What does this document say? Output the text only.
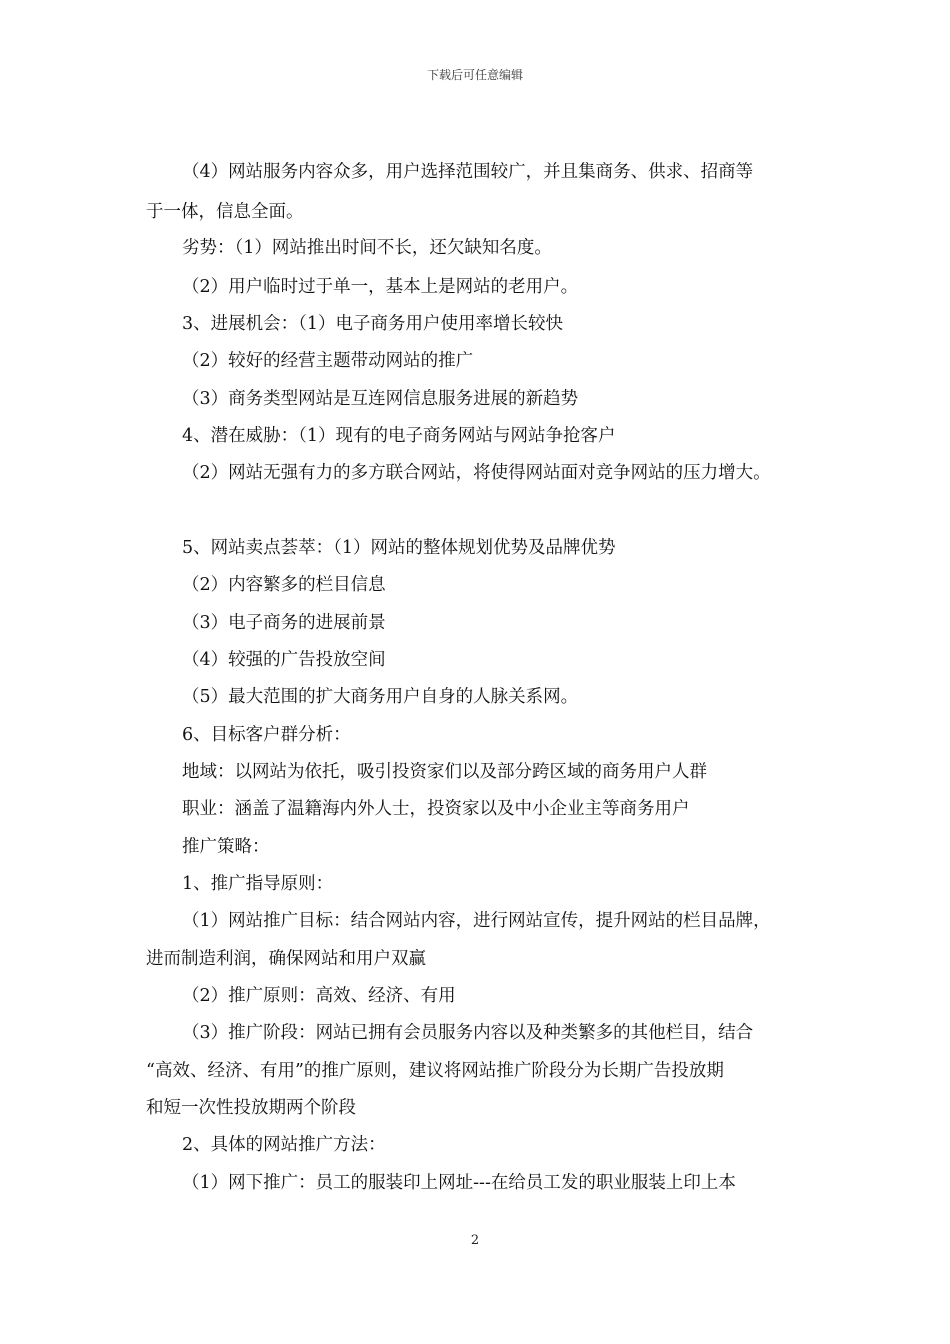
下载后可任意编辑
（4）网站服务内容众多，用户选择范围较广，并且集商务、供求、招商等
于一体，信息全面。
劣势：（1）网站推出时间不长，还欠缺知名度。
（2）用户临时过于单一，基本上是网站的老用户。
3、进展机会：（1）电子商务用户使用率增长较快
（2）较好的经营主题带动网站的推广
（3）商务类型网站是互连网信息服务进展的新趋势
4、潜在威胁：（1）现有的电子商务网站与网站争抢客户
（2）网站无强有力的多方联合网站，将使得网站面对竞争网站的压力增大。
5、网站卖点荟萃：（1）网站的整体规划优势及品牌优势
（2）内容繁多的栏目信息
（3）电子商务的进展前景
（4）较强的广告投放空间
（5）最大范围的扩大商务用户自身的人脉关系网。
6、目标客户群分析：
地域：以网站为依托，吸引投资家们以及部分跨区域的商务用户人群
职业：涵盖了温籍海内外人士，投资家以及中小企业主等商务用户
推广策略：
1、推广指导原则：
（1）网站推广目标：结合网站内容，进行网站宣传，提升网站的栏目品牌，
进而制造利润，确保网站和用户双赢
（2）推广原则：高效、经济、有用
（3）推广阶段：网站已拥有会员服务内容以及种类繁多的其他栏目，结合
“高效、经济、有用”的推广原则，建议将网站推广阶段分为长期广告投放期
和短一次性投放期两个阶段
2、具体的网站推广方法：
（1）网下推广：员工的服装印上网址---在给员工发的职业服装上印上本
2
